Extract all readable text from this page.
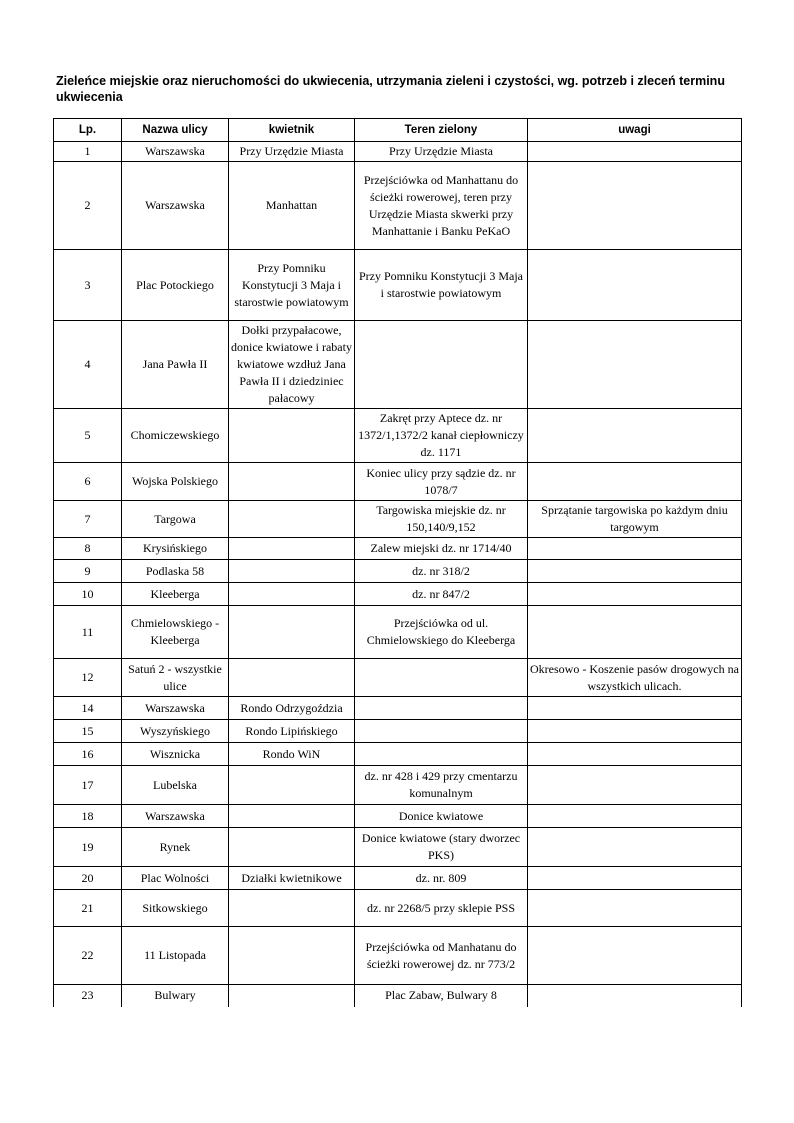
Zieleńce miejskie oraz nieruchomości do ukwiecenia, utrzymania zieleni i czystości, wg. potrzeb i zleceń terminu ukwiecenia
Lp.	Nazwa ulicy	kwietnik	Teren zielony	uwagi
1	Warszawska	Przy Urzędzie Miasta	Przy Urzędzie Miasta	
2	Warszawska	Manhattan	Przejściówka od Manhattanu do ścieżki rowerowej, teren przy Urzędzie Miasta skwerki przy Manhattanie i Banku PeKaO	
3	Plac Potockiego	Przy Pomniku Konstytucji 3 Maja i starostwie powiatowym	Przy Pomniku Konstytucji 3 Maja i starostwie powiatowym	
4	Jana Pawła II	Dołki przypałacowe, donice kwiatowe i rabaty kwiatowe wzdłuż Jana Pawła II i dziedziniec pałacowy		
5	Chomiczewskiego		Zakręt przy Aptece dz. nr 1372/1,1372/2 kanał ciepłowniczy dz. 1171	
6	Wojska Polskiego		Koniec ulicy przy sądzie dz. nr 1078/7	
7	Targowa		Targowiska miejskie dz. nr 150,140/9,152	Sprzątanie targowiska po każdym dniu targowym
8	Krysińskiego		Zalew miejski dz. nr 1714/40	
9	Podlaska 58		dz. nr 318/2	
10	Kleeberga		dz. nr 847/2	
11	Chmielowskiego - Kleeberga		Przejściówka od ul. Chmielowskiego do Kleeberga	
12	Satuń 2 - wszystkie ulice			Okresowo - Koszenie pasów drogowych na wszystkich ulicach.
14	Warszawska	Rondo Odrzygoździa		
15	Wyszyńskiego	Rondo Lipińskiego		
16	Wisznicka	Rondo WiN		
17	Lubelska		dz. nr 428 i 429 przy cmentarzu komunalnym	
18	Warszawska		Donice kwiatowe	
19	Rynek		Donice kwiatowe (stary dworzec PKS)	
20	Plac Wolności	Działki kwietnikowe	dz. nr. 809	
21	Sitkowskiego		dz. nr 2268/5 przy sklepie PSS	
22	11 Listopada		Przejściówka od Manhatanu do ścieżki rowerowej dz. nr 773/2	
23	Bulwary		Plac Zabaw, Bulwary 8	
